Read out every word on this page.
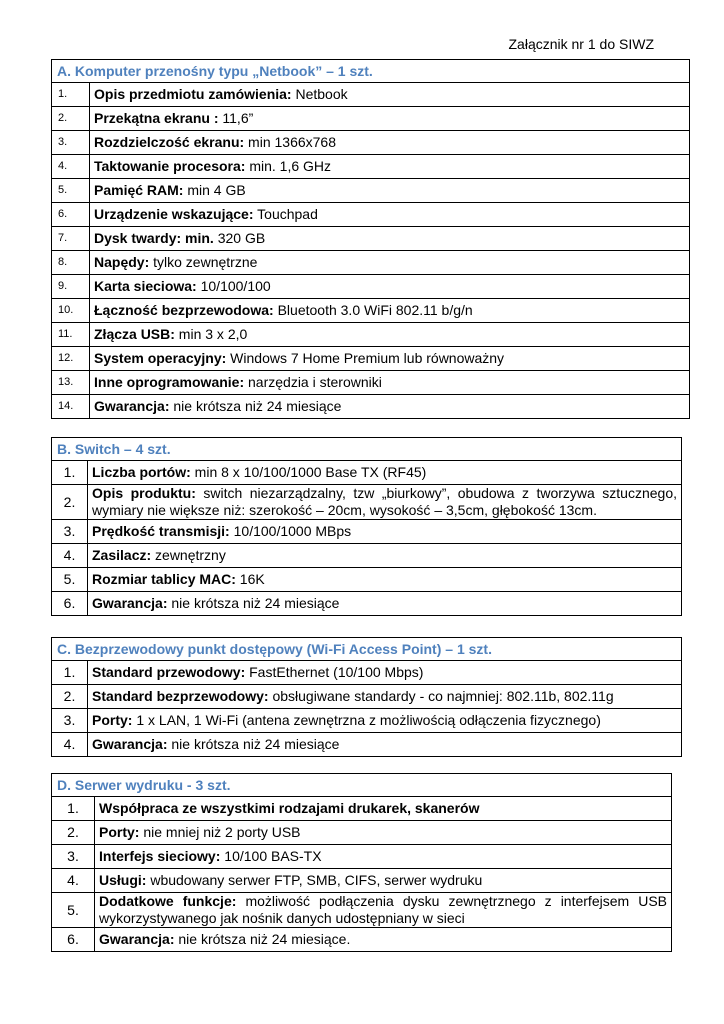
Załącznik nr 1 do SIWZ
A. Komputer przenośny typu „Netbook” – 1 szt.	
1.	Opis przedmiotu zamówienia: Netbook
2.	Przekątna ekranu : 11,6”
3.	Rozdzielczość ekranu: min 1366x768
4.	Taktowanie procesora: min. 1,6 GHz
5.	Pamięć RAM: min 4 GB
6.	Urządzenie wskazujące: Touchpad
7.	Dysk twardy: min. 320 GB
8.	Napędy: tylko zewnętrzne
9.	Karta sieciowa: 10/100/100
10.	Łączność bezprzewodowa: Bluetooth 3.0 WiFi 802.11 b/g/n
11.	Złącza USB: min 3 x 2,0
12.	System operacyjny: Windows 7 Home Premium lub równoważny
13.	Inne oprogramowanie: narzędzia i sterowniki
14.	Gwarancja: nie krótsza niż 24 miesiące
B. Switch – 4 szt.	
1.	Liczba portów: min 8 x 10/100/1000 Base TX (RF45)
2.	Opis produktu: switch niezarządzalny, tzw „biurkowy”, obudowa z tworzywa sztucznego, wymiary nie większe niż: szerokość – 20cm, wysokość – 3,5cm, głębokość 13cm.
3.	Prędkość transmisji: 10/100/1000 MBps
4.	Zasilacz: zewnętrzny
5.	Rozmiar tablicy MAC: 16K
6.	Gwarancja: nie krótsza niż 24 miesiące
C. Bezprzewodowy punkt dostępowy (Wi-Fi Access Point) – 1 szt.	
1.	Standard przewodowy: FastEthernet (10/100 Mbps)
2.	Standard bezprzewodowy: obsługiwane standardy - co najmniej: 802.11b, 802.11g
3.	Porty: 1 x LAN, 1 Wi-Fi (antena zewnętrzna z możliwością odłączenia fizycznego)
4.	Gwarancja: nie krótsza niż 24 miesiące
D. Serwer wydruku - 3 szt.	
1.	Współpraca ze wszystkimi rodzajami drukarek, skanerów
2.	Porty: nie mniej niż 2 porty USB
3.	Interfejs sieciowy: 10/100 BAS-TX
4.	Usługi: wbudowany serwer FTP, SMB, CIFS, serwer wydruku
5.	Dodatkowe funkcje: możliwość podłączenia dysku zewnętrznego z interfejsem USB wykorzystywanego jak nośnik danych udostępniany w sieci
6.	Gwarancja: nie krótsza niż 24 miesiące.
